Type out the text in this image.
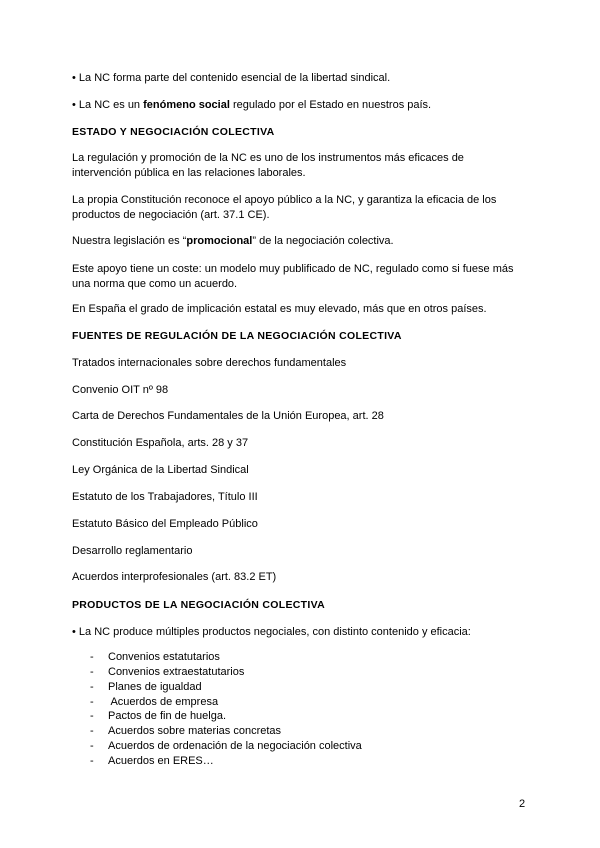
• La NC forma parte del contenido esencial de la libertad sindical.
• La NC es un fenómeno social regulado por el Estado en nuestros país.
ESTADO Y NEGOCIACIÓN COLECTIVA
La regulación y promoción de la NC es uno de los instrumentos más eficaces de intervención pública en las relaciones laborales.
La propia Constitución reconoce el apoyo público a la NC, y garantiza la eficacia de los productos de negociación (art. 37.1 CE).
Nuestra legislación es “promocional” de la negociación colectiva.
Este apoyo tiene un coste: un modelo muy publificado de NC, regulado como si fuese más una norma que como un acuerdo.
En España el grado de implicación estatal es muy elevado, más que en otros países.
FUENTES DE REGULACIÓN DE LA NEGOCIACIÓN COLECTIVA
Tratados internacionales sobre derechos fundamentales
Convenio OIT nº 98
Carta de Derechos Fundamentales de la Unión Europea, art. 28
Constitución Española, arts. 28 y 37
Ley Orgánica de la Libertad Sindical
Estatuto de los Trabajadores, Título III
Estatuto Básico del Empleado Público
Desarrollo reglamentario
Acuerdos interprofesionales (art. 83.2 ET)
PRODUCTOS DE LA NEGOCIACIÓN COLECTIVA
• La NC produce múltiples productos negociales, con distinto contenido y eficacia:
- Convenios estatutarios
- Convenios extraestatutarios
- Planes de igualdad
- Acuerdos de empresa
- Pactos de fin de huelga.
- Acuerdos sobre materias concretas
- Acuerdos de ordenación de la negociación colectiva
- Acuerdos en ERES…
2
